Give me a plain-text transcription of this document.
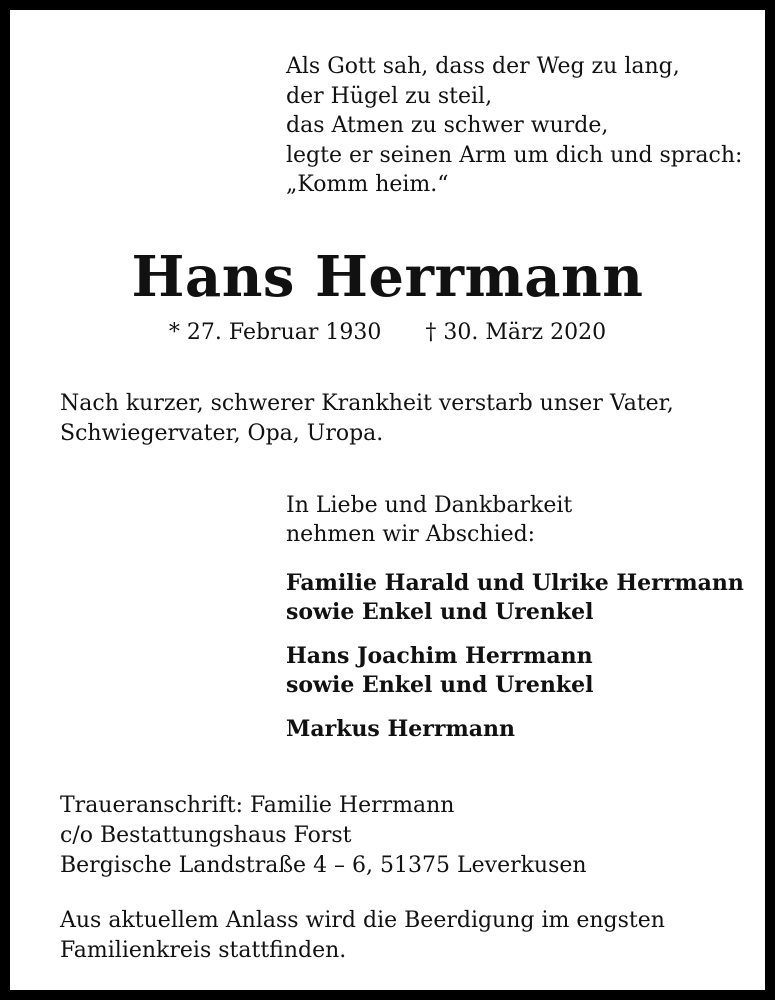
Als Gott sah, dass der Weg zu lang,
der Hügel zu steil,
das Atmen zu schwer wurde,
legte er seinen Arm um dich und sprach:
„Komm heim.“
Hans Herrmann
* 27. Februar 1930 † 30. März 2020
Nach kurzer, schwerer Krankheit verstarb unser Vater,
Schwiegervater, Opa, Uropa.
In Liebe und Dankbarkeit
nehmen wir Abschied:
Familie Harald und Ulrike Herrmann
sowie Enkel und Urenkel
Hans Joachim Herrmann
sowie Enkel und Urenkel
Markus Herrmann
Traueranschrift: Familie Herrmann
c/o Bestattungshaus Forst
Bergische Landstraße 4 – 6, 51375 Leverkusen
Aus aktuellem Anlass wird die Beerdigung im engsten
Familienkreis stattfinden.
